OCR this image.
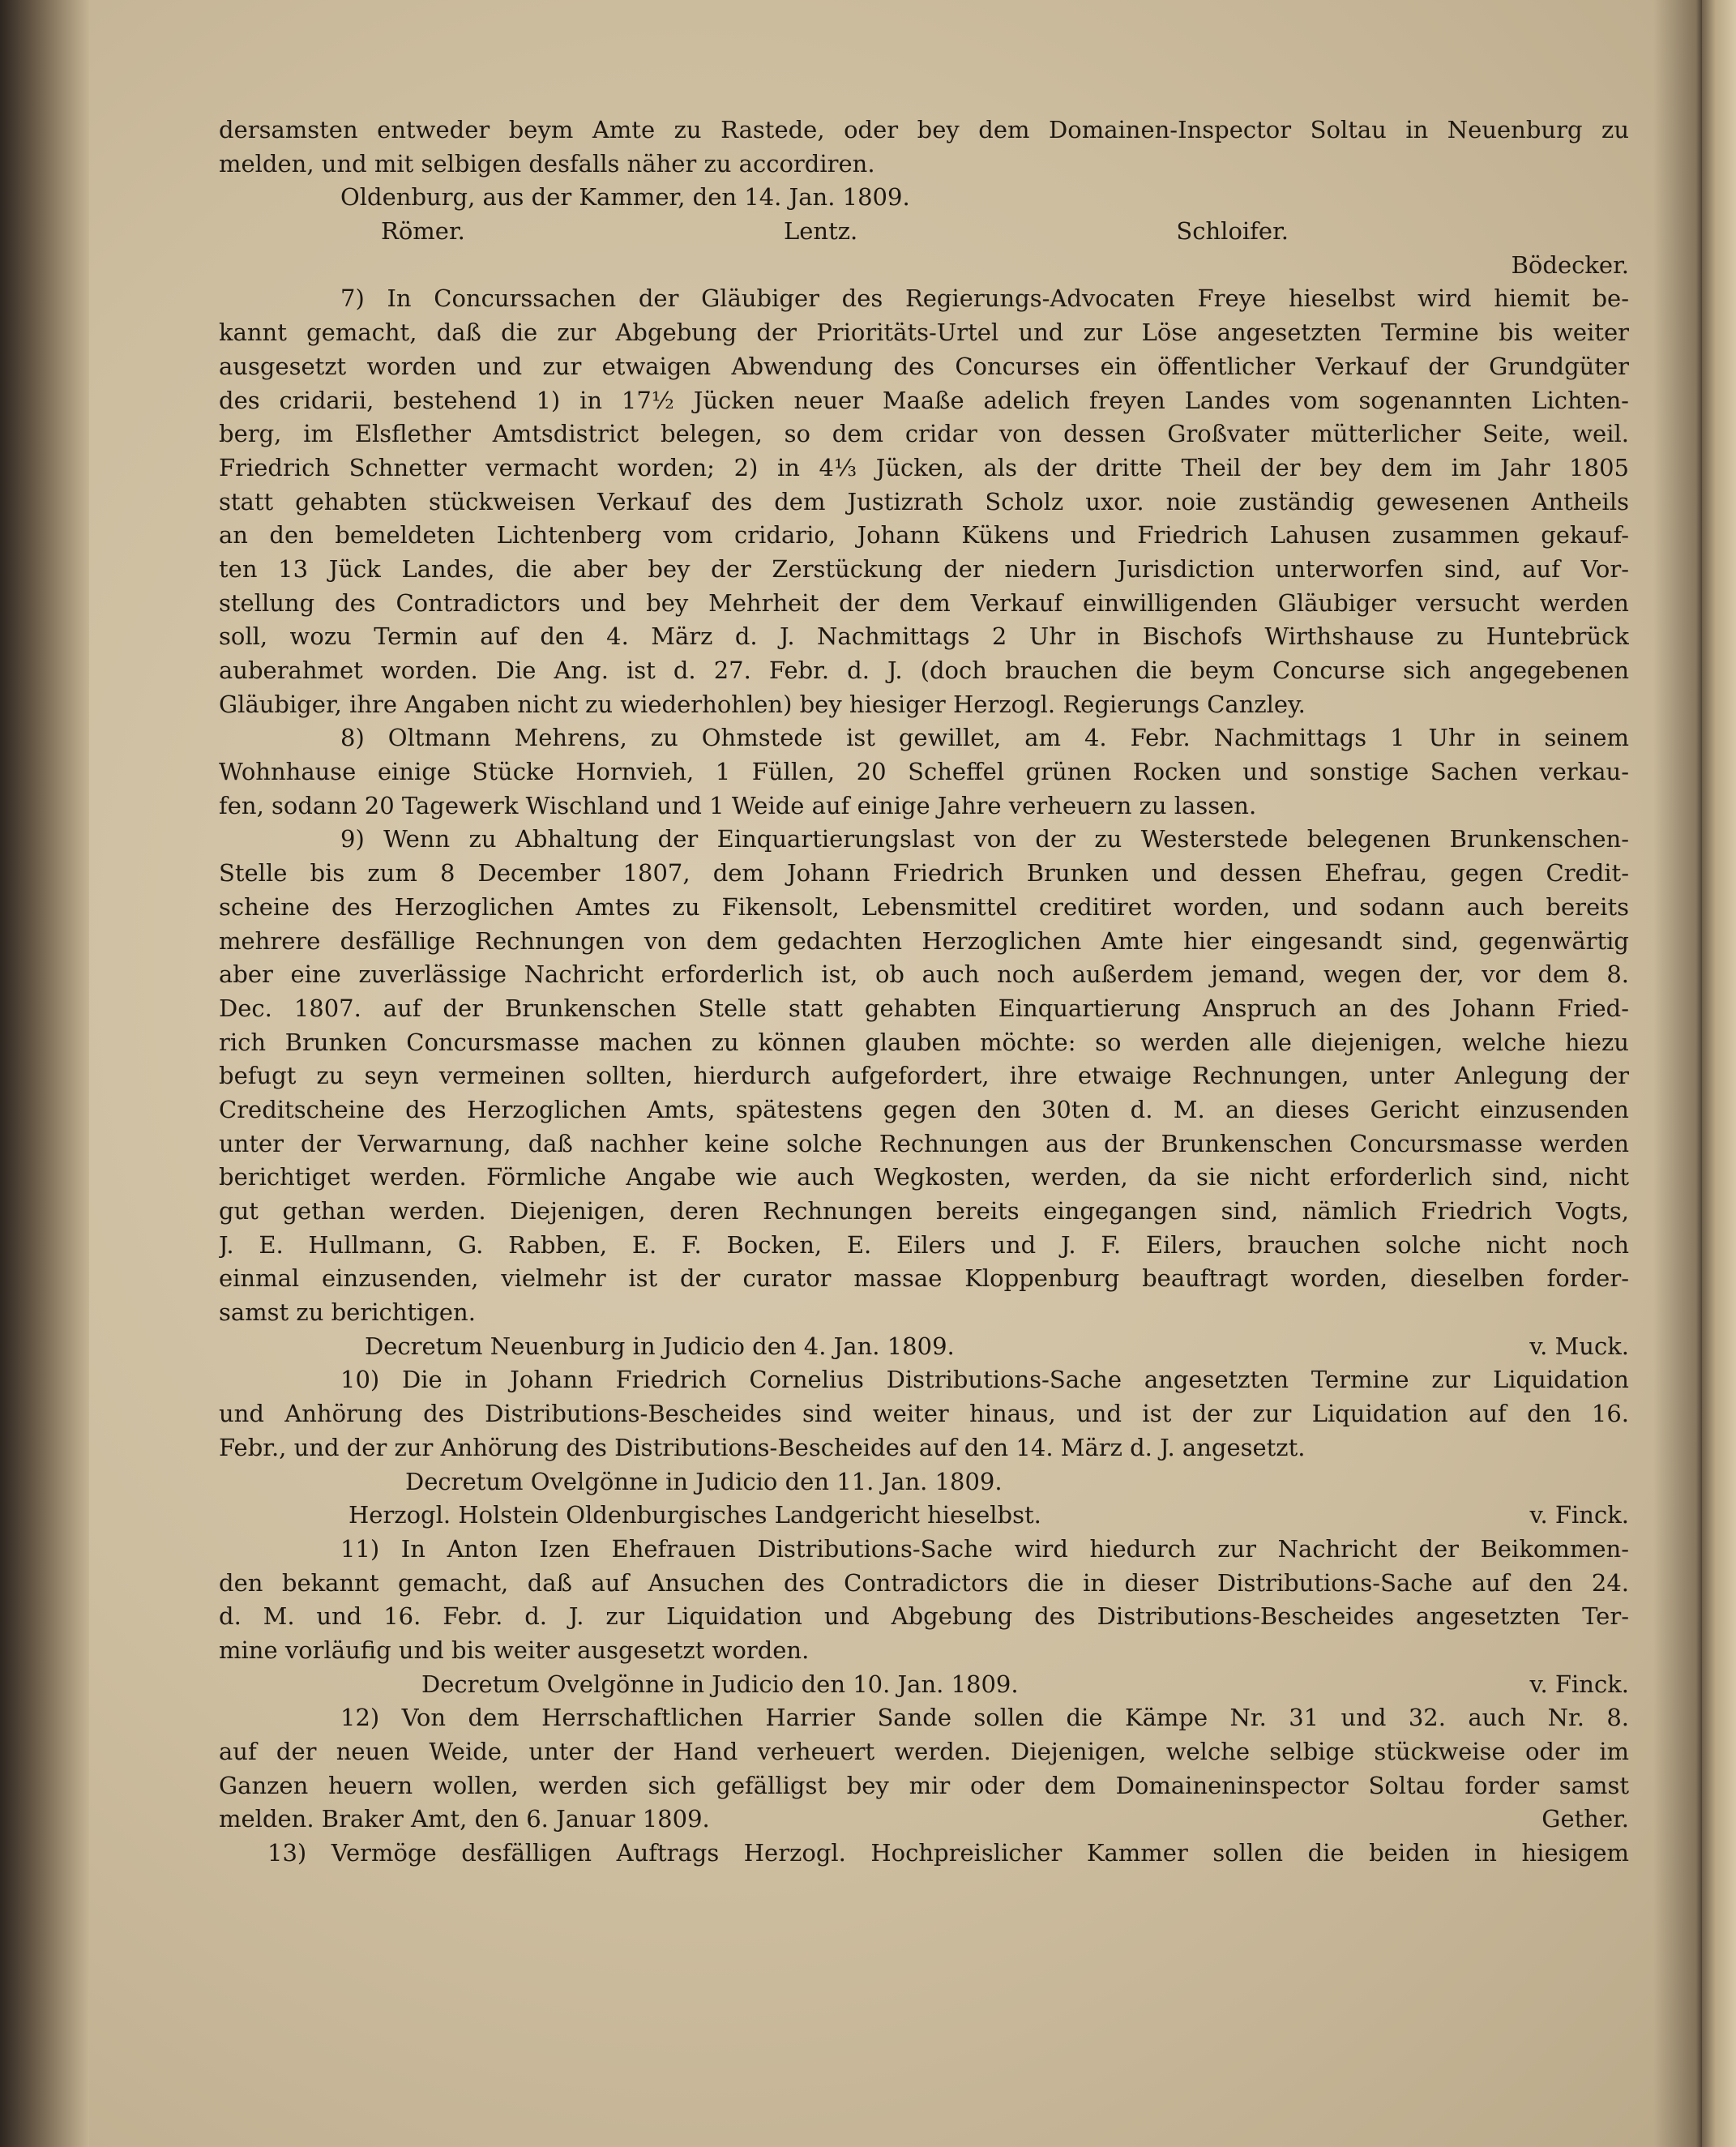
dersamsten entweder beym Amte zu Rastede, oder bey dem Domainen-Inspector Soltau in Neuenburg zu
melden, und mit selbigen desfalls näher zu accordiren.
Oldenburg, aus der Kammer, den 14. Jan. 1809.
Römer.	Lentz.	Schloifer.
Bödecker.
7) In Concurssachen der Gläubiger des Regierungs-Advocaten Freye hieselbst wird hiemit be-
kannt gemacht, daß die zur Abgebung der Prioritäts-Urtel und zur Löse angesetzten Termine bis weiter
ausgesetzt worden und zur etwaigen Abwendung des Concurses ein öffentlicher Verkauf der Grundgüter
des cridarii, bestehend 1) in 17½ Jücken neuer Maaße adelich freyen Landes vom sogenannten Lichten-
berg, im Elsflether Amtsdistrict belegen, so dem cridar von dessen Großvater mütterlicher Seite, weil.
Friedrich Schnetter vermacht worden; 2) in 4⅓ Jücken, als der dritte Theil der bey dem im Jahr 1805
statt gehabten stückweisen Verkauf des dem Justizrath Scholz uxor. noie zuständig gewesenen Antheils
an den bemeldeten Lichtenberg vom cridario, Johann Kükens und Friedrich Lahusen zusammen gekauf-
ten 13 Jück Landes, die aber bey der Zerstückung der niedern Jurisdiction unterworfen sind, auf Vor-
stellung des Contradictors und bey Mehrheit der dem Verkauf einwilligenden Gläubiger versucht werden
soll, wozu Termin auf den 4. März d. J. Nachmittags 2 Uhr in Bischofs Wirthshause zu Huntebrück
auberahmet worden. Die Ang. ist d. 27. Febr. d. J. (doch brauchen die beym Concurse sich angegebenen
Gläubiger, ihre Angaben nicht zu wiederhohlen) bey hiesiger Herzogl. Regierungs Canzley.
8) Oltmann Mehrens, zu Ohmstede ist gewillet, am 4. Febr. Nachmittags 1 Uhr in seinem
Wohnhause einige Stücke Hornvieh, 1 Füllen, 20 Scheffel grünen Rocken und sonstige Sachen verkau-
fen, sodann 20 Tagewerk Wischland und 1 Weide auf einige Jahre verheuern zu lassen.
9) Wenn zu Abhaltung der Einquartierungslast von der zu Westerstede belegenen Brunkenschen-
Stelle bis zum 8 December 1807, dem Johann Friedrich Brunken und dessen Ehefrau, gegen Credit-
scheine des Herzoglichen Amtes zu Fikensolt, Lebensmittel creditiret worden, und sodann auch bereits
mehrere desfällige Rechnungen von dem gedachten Herzoglichen Amte hier eingesandt sind, gegenwärtig
aber eine zuverlässige Nachricht erforderlich ist, ob auch noch außerdem jemand, wegen der, vor dem 8.
Dec. 1807. auf der Brunkenschen Stelle statt gehabten Einquartierung Anspruch an des Johann Fried-
rich Brunken Concursmasse machen zu können glauben möchte: so werden alle diejenigen, welche hiezu
befugt zu seyn vermeinen sollten, hierdurch aufgefordert, ihre etwaige Rechnungen, unter Anlegung der
Creditscheine des Herzoglichen Amts, spätestens gegen den 30ten d. M. an dieses Gericht einzusenden
unter der Verwarnung, daß nachher keine solche Rechnungen aus der Brunkenschen Concursmasse werden
berichtiget werden. Förmliche Angabe wie auch Wegkosten, werden, da sie nicht erforderlich sind, nicht
gut gethan werden. Diejenigen, deren Rechnungen bereits eingegangen sind, nämlich Friedrich Vogts,
J. E. Hullmann, G. Rabben, E. F. Bocken, E. Eilers und J. F. Eilers, brauchen solche nicht noch
einmal einzusenden, vielmehr ist der curator massae Kloppenburg beauftragt worden, dieselben forder-
samst zu berichtigen.
Decretum Neuenburg in Judicio den 4. Jan. 1809.	v. Muck.
10) Die in Johann Friedrich Cornelius Distributions-Sache angesetzten Termine zur Liquidation
und Anhörung des Distributions-Bescheides sind weiter hinaus, und ist der zur Liquidation auf den 16.
Febr., und der zur Anhörung des Distributions-Bescheides auf den 14. März d. J. angesetzt.
Decretum Ovelgönne in Judicio den 11. Jan. 1809.
Herzogl. Holstein Oldenburgisches Landgericht hieselbst.	v. Finck.
11) In Anton Izen Ehefrauen Distributions-Sache wird hiedurch zur Nachricht der Beikommen-
den bekannt gemacht, daß auf Ansuchen des Contradictors die in dieser Distributions-Sache auf den 24.
d. M. und 16. Febr. d. J. zur Liquidation und Abgebung des Distributions-Bescheides angesetzten Ter-
mine vorläufig und bis weiter ausgesetzt worden.
Decretum Ovelgönne in Judicio den 10. Jan. 1809.	v. Finck.
12) Von dem Herrschaftlichen Harrier Sande sollen die Kämpe Nr. 31 und 32. auch Nr. 8.
auf der neuen Weide, unter der Hand verheuert werden. Diejenigen, welche selbige stückweise oder im
Ganzen heuern wollen, werden sich gefälligst bey mir oder dem Domaineninspector Soltau forder samst
melden. Braker Amt, den 6. Januar 1809.	Gether.
13) Vermöge desfälligen Auftrags Herzogl. Hochpreislicher Kammer sollen die beiden in hiesigem
